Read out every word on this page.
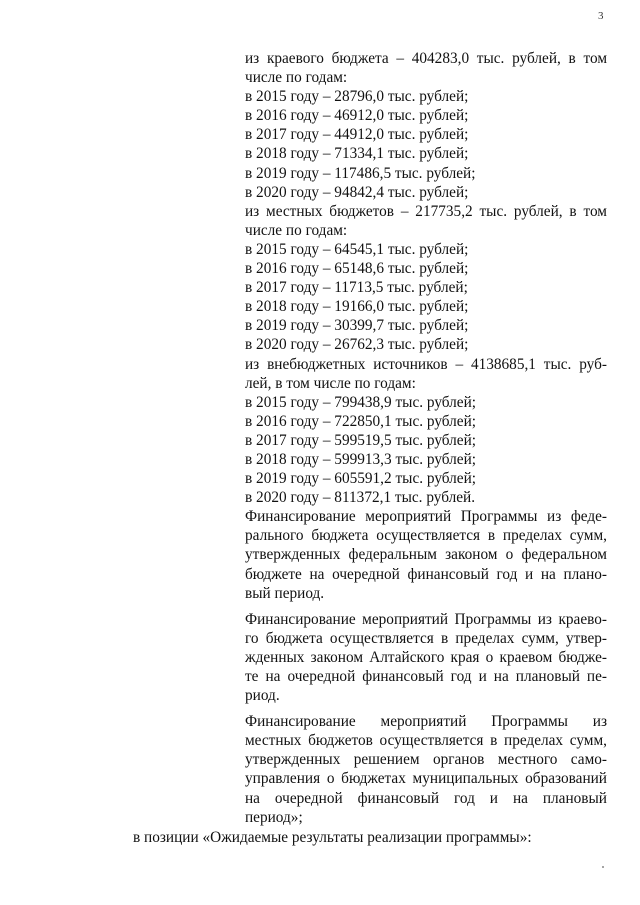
3
из краевого бюджета – 404283,0 тыс. рублей, в том
числе по годам:
в 2015 году – 28796,0 тыс. рублей;
в 2016 году – 46912,0 тыс. рублей;
в 2017 году – 44912,0 тыс. рублей;
в 2018 году – 71334,1 тыс. рублей;
в 2019 году – 117486,5 тыс. рублей;
в 2020 году – 94842,4 тыс. рублей;
из местных бюджетов – 217735,2 тыс. рублей, в том
числе по годам:
в 2015 году – 64545,1 тыс. рублей;
в 2016 году – 65148,6 тыс. рублей;
в 2017 году – 11713,5 тыс. рублей;
в 2018 году – 19166,0 тыс. рублей;
в 2019 году – 30399,7 тыс. рублей;
в 2020 году – 26762,3 тыс. рублей;
из внебюджетных источников – 4138685,1 тыс. руб-
лей, в том числе по годам:
в 2015 году – 799438,9 тыс. рублей;
в 2016 году – 722850,1 тыс. рублей;
в 2017 году – 599519,5 тыс. рублей;
в 2018 году – 599913,3 тыс. рублей;
в 2019 году – 605591,2 тыс. рублей;
в 2020 году – 811372,1 тыс. рублей.
Финансирование мероприятий Программы из феде-
рального бюджета осуществляется в пределах сумм,
утвержденных федеральным законом о федеральном
бюджете на очередной финансовый год и на плано-
вый период.
Финансирование мероприятий Программы из краево-
го бюджета осуществляется в пределах сумм, утвер-
жденных законом Алтайского края о краевом бюдже-
те на очередной финансовый год и на плановый пе-
риод.
Финансирование мероприятий Программы из
местных бюджетов осуществляется в пределах сумм,
утвержденных решением органов местного само-
управления о бюджетах муниципальных образований
на очередной финансовый год и на плановый
период»;
в позиции «Ожидаемые результаты реализации программы»:
